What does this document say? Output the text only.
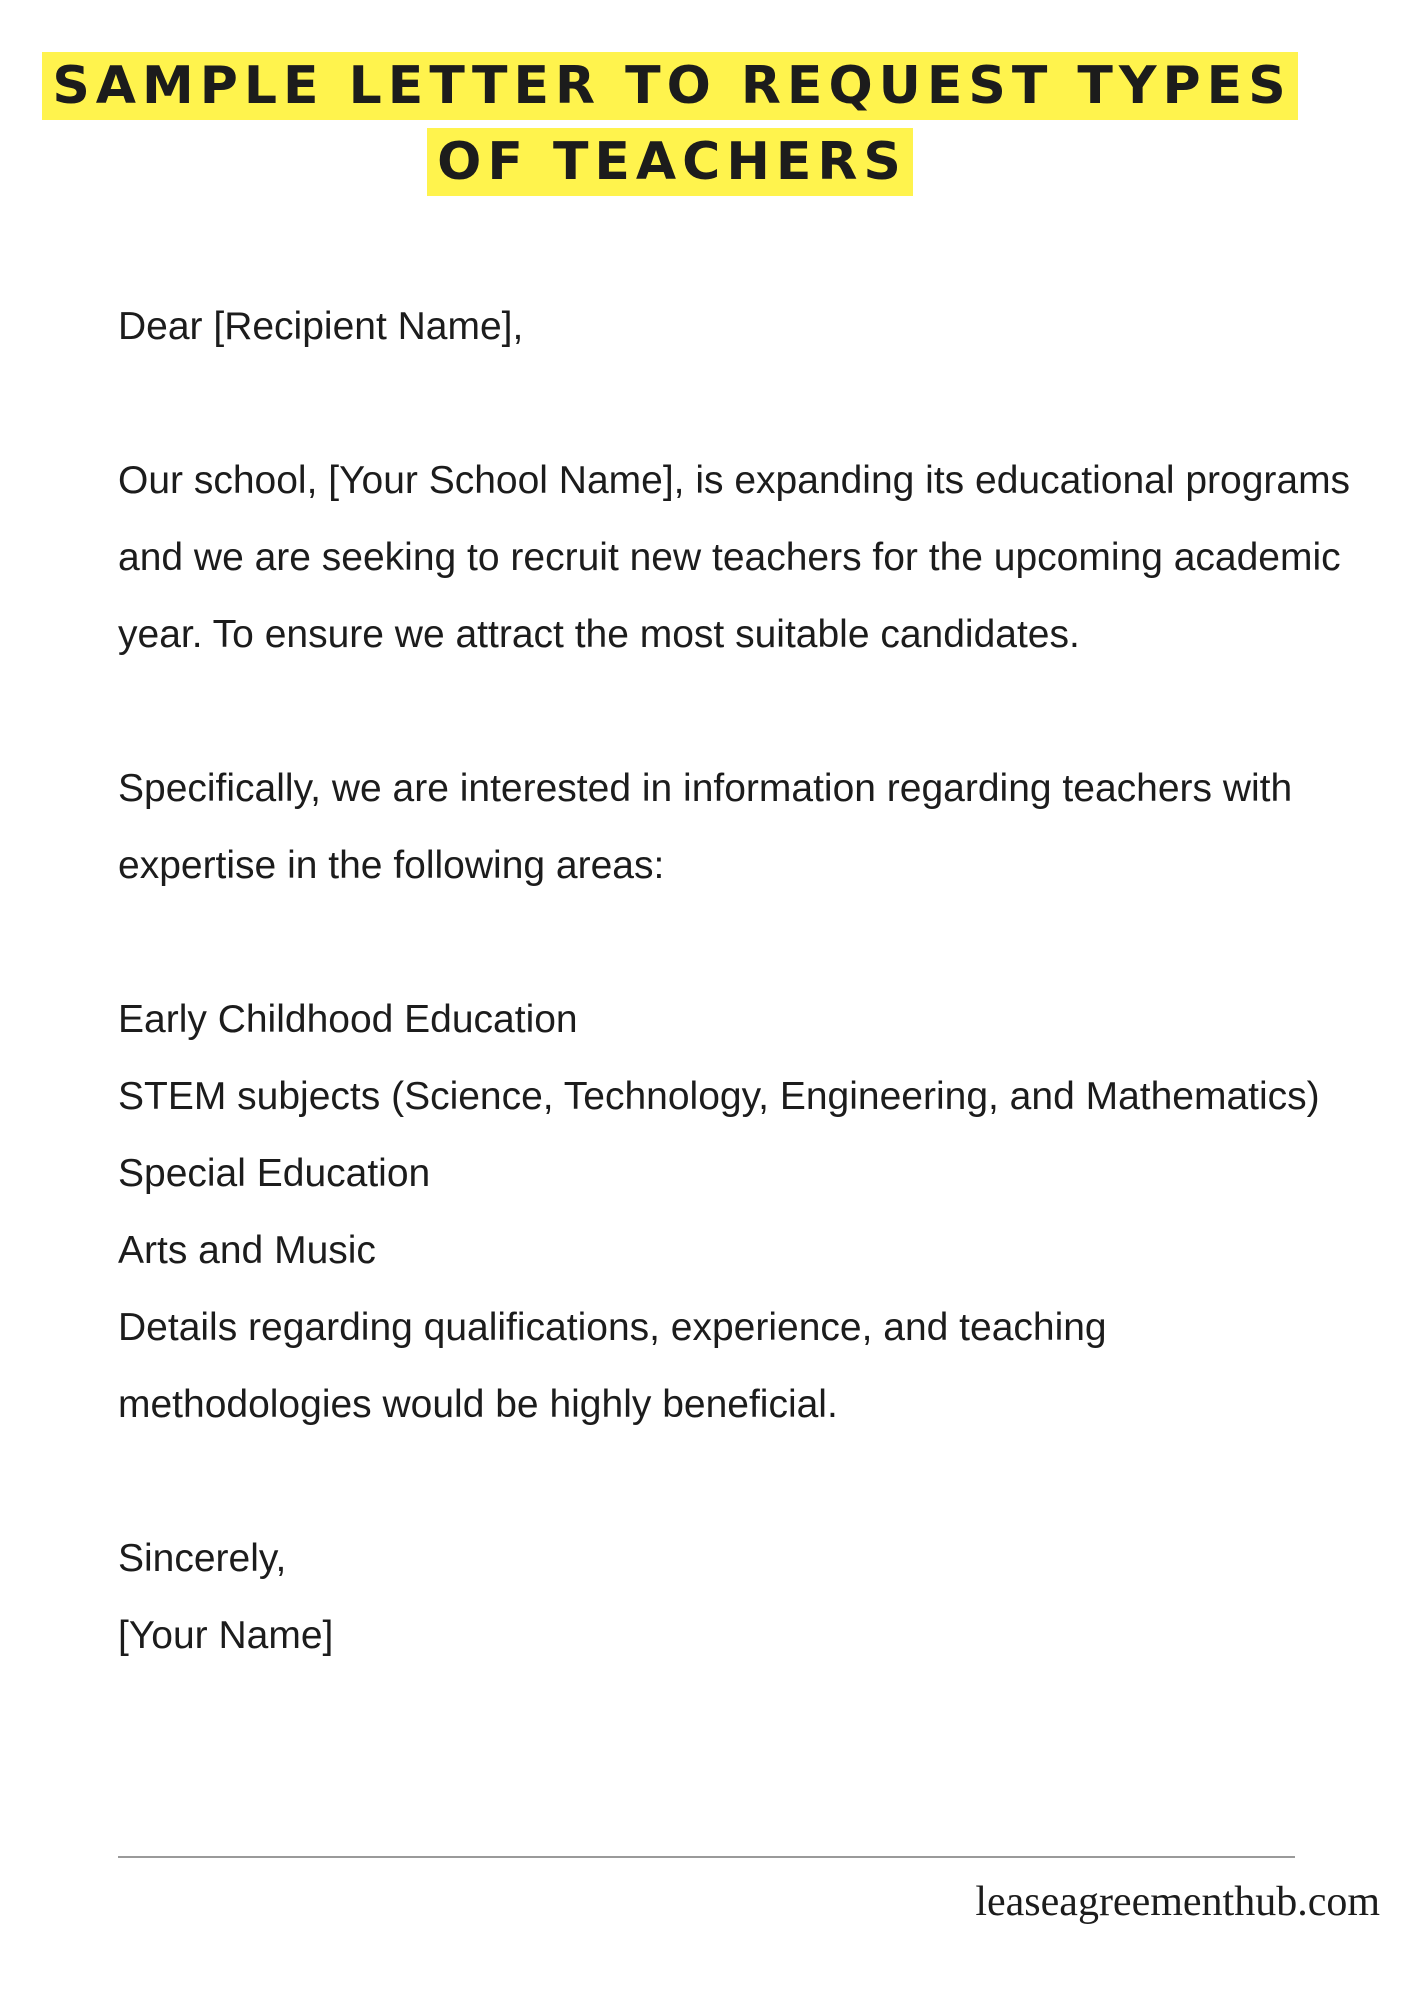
SAMPLE LETTER TO REQUEST TYPES
OF TEACHERS

Dear [Recipient Name],

Our school, [Your School Name], is expanding its educational programs and we are seeking to recruit new teachers for the upcoming academic year. To ensure we attract the most suitable candidates.

Specifically, we are interested in information regarding teachers with expertise in the following areas:

Early Childhood Education
STEM subjects (Science, Technology, Engineering, and Mathematics)
Special Education
Arts and Music
Details regarding qualifications, experience, and teaching methodologies would be highly beneficial.

Sincerely,
[Your Name]

leaseagreementhub.com
